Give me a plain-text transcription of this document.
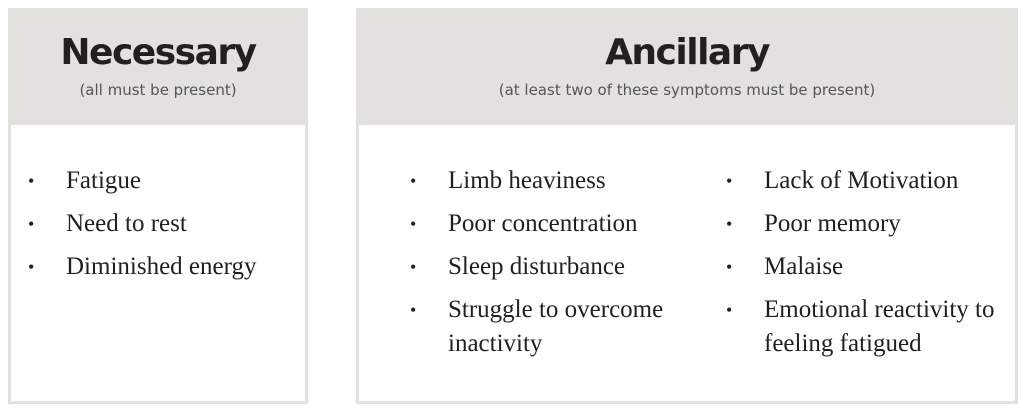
Necessary
(all must be present)
Ancillary
(at least two of these symptoms must be present)
• Fatigue
• Need to rest
• Diminished energy
• Limb heaviness
• Poor concentration
• Sleep disturbance
• Struggle to overcome inactivity
• Lack of Motivation
• Poor memory
• Malaise
• Emotional reactivity to feeling fatigued
